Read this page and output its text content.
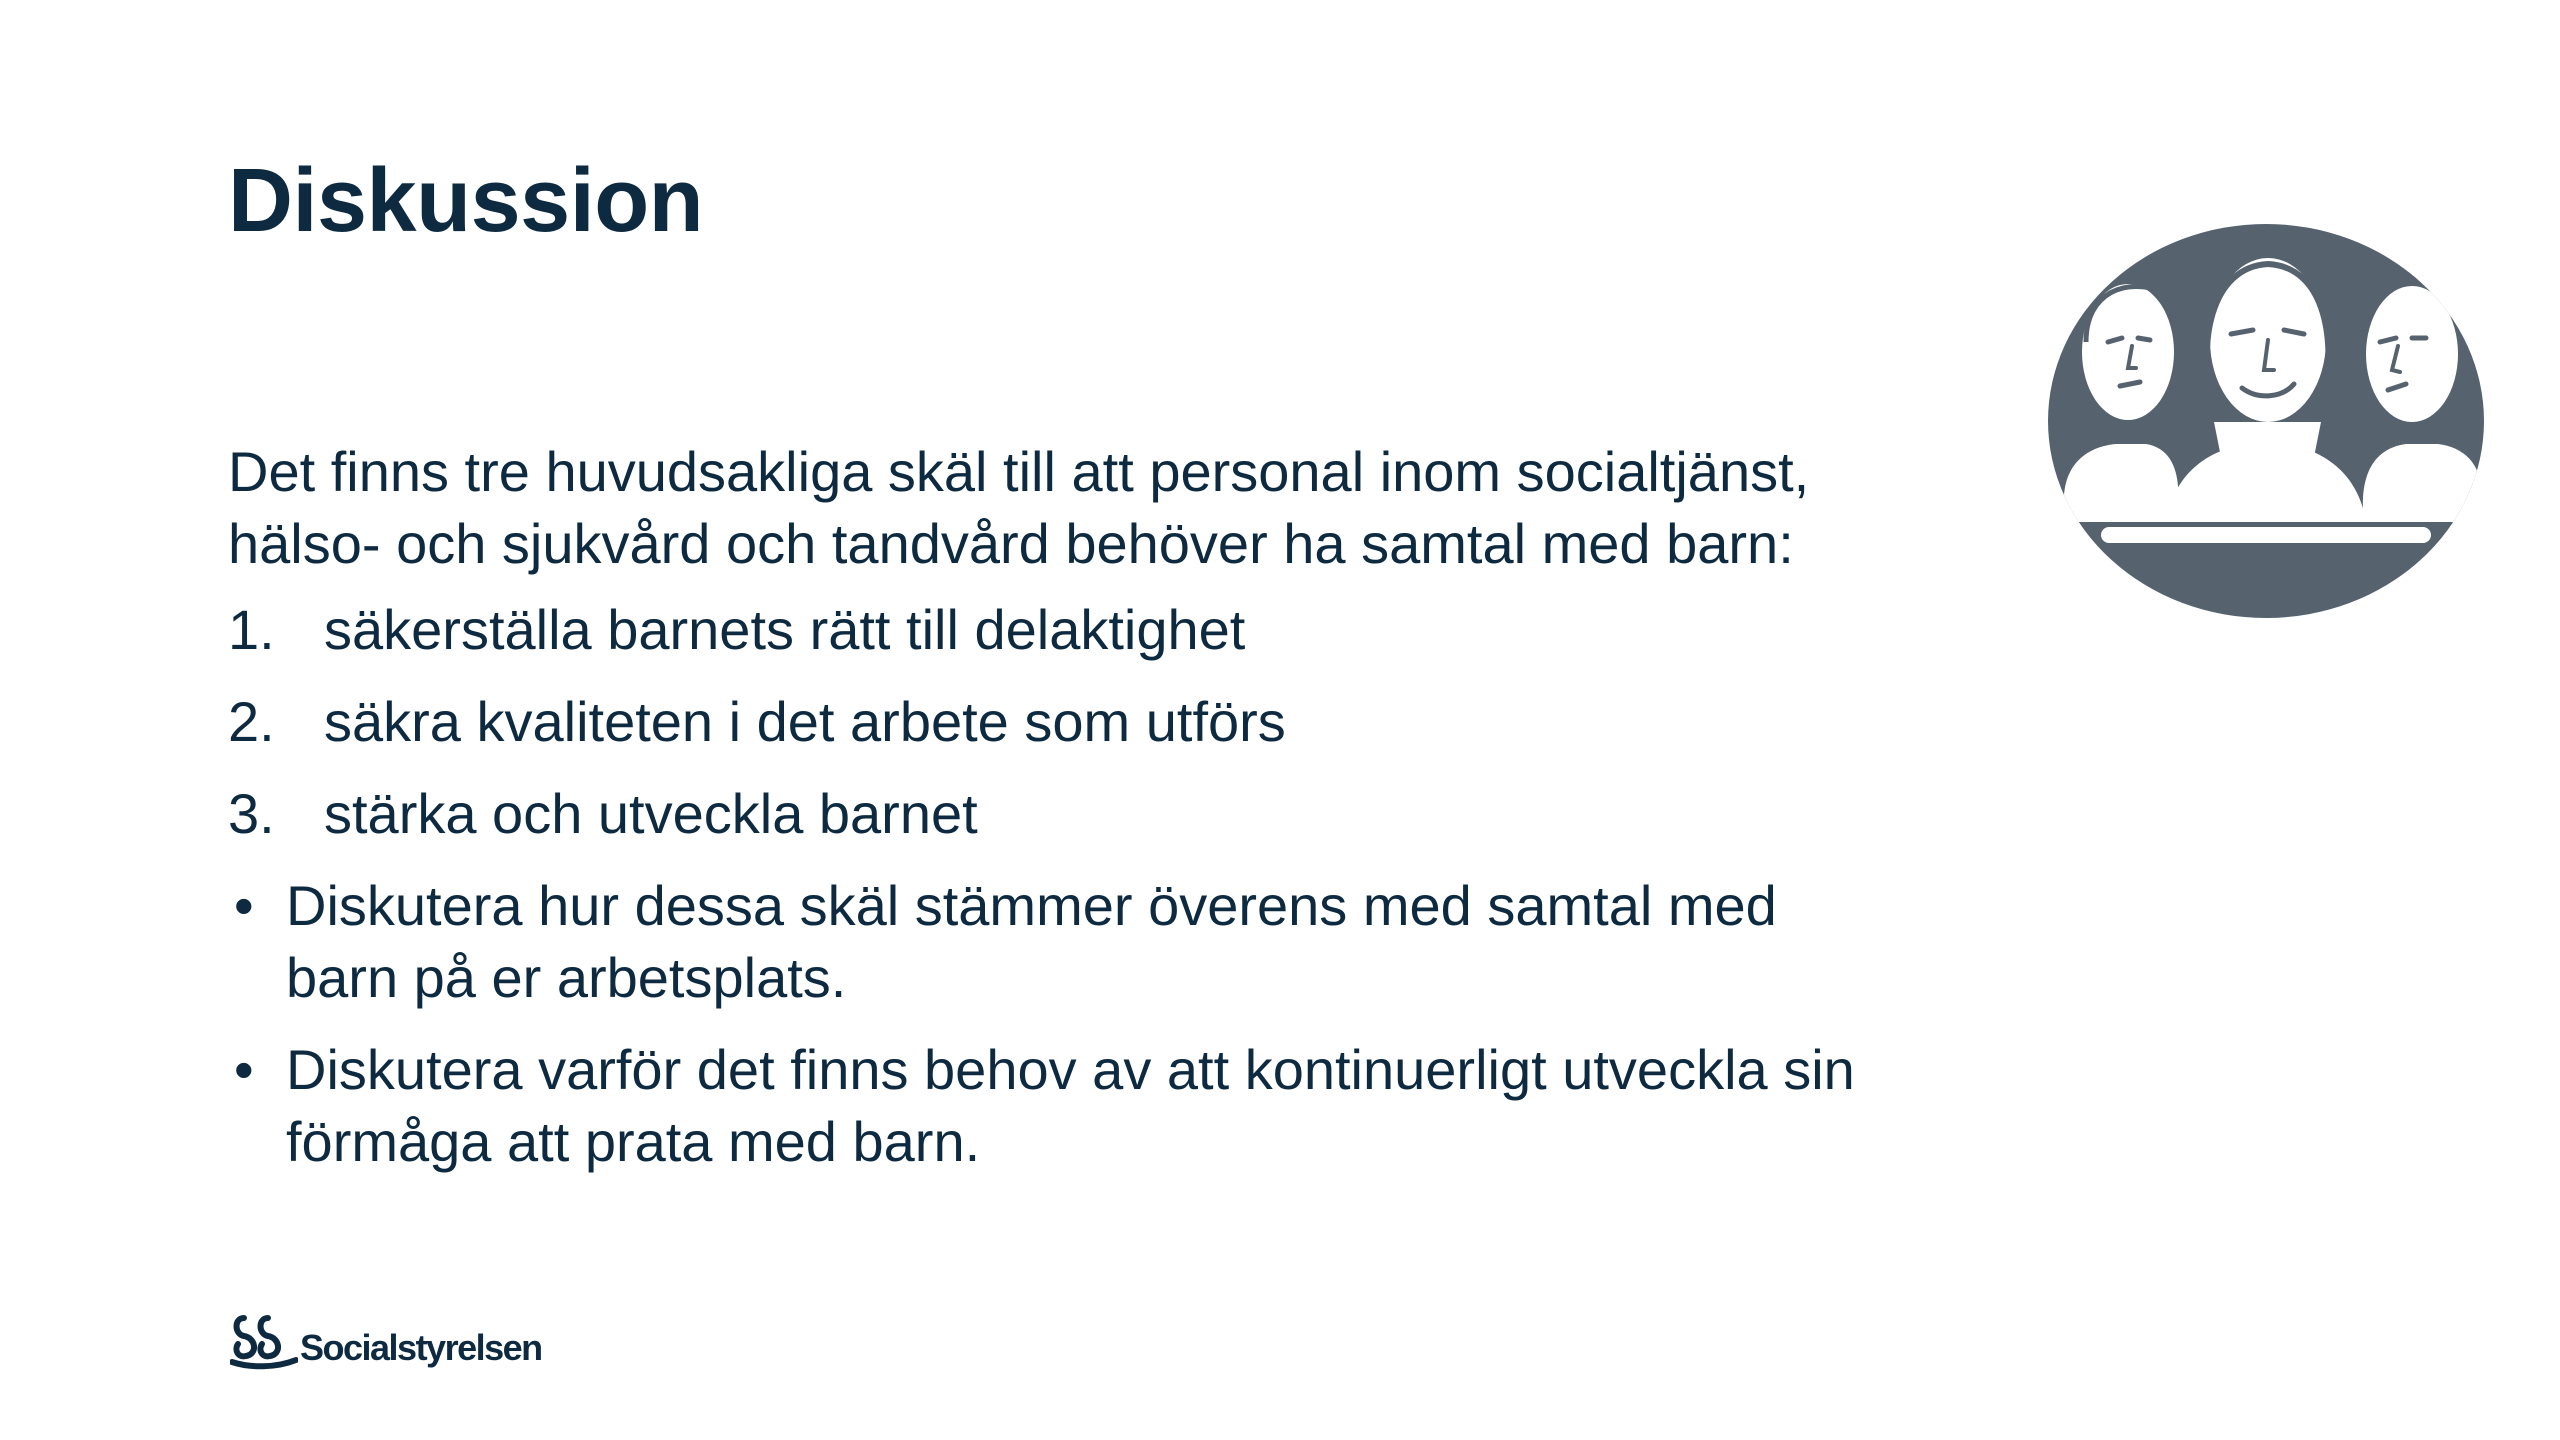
Diskussion

Det finns tre huvudsakliga skäl till att personal inom socialtjänst, hälso- och sjukvård och tandvård behöver ha samtal med barn:

1. säkerställa barnets rätt till delaktighet
2. säkra kvaliteten i det arbete som utförs
3. stärka och utveckla barnet
• Diskutera hur dessa skäl stämmer överens med samtal med barn på er arbetsplats.
• Diskutera varför det finns behov av att kontinuerligt utveckla sin förmåga att prata med barn.
Socialstyrelsen
